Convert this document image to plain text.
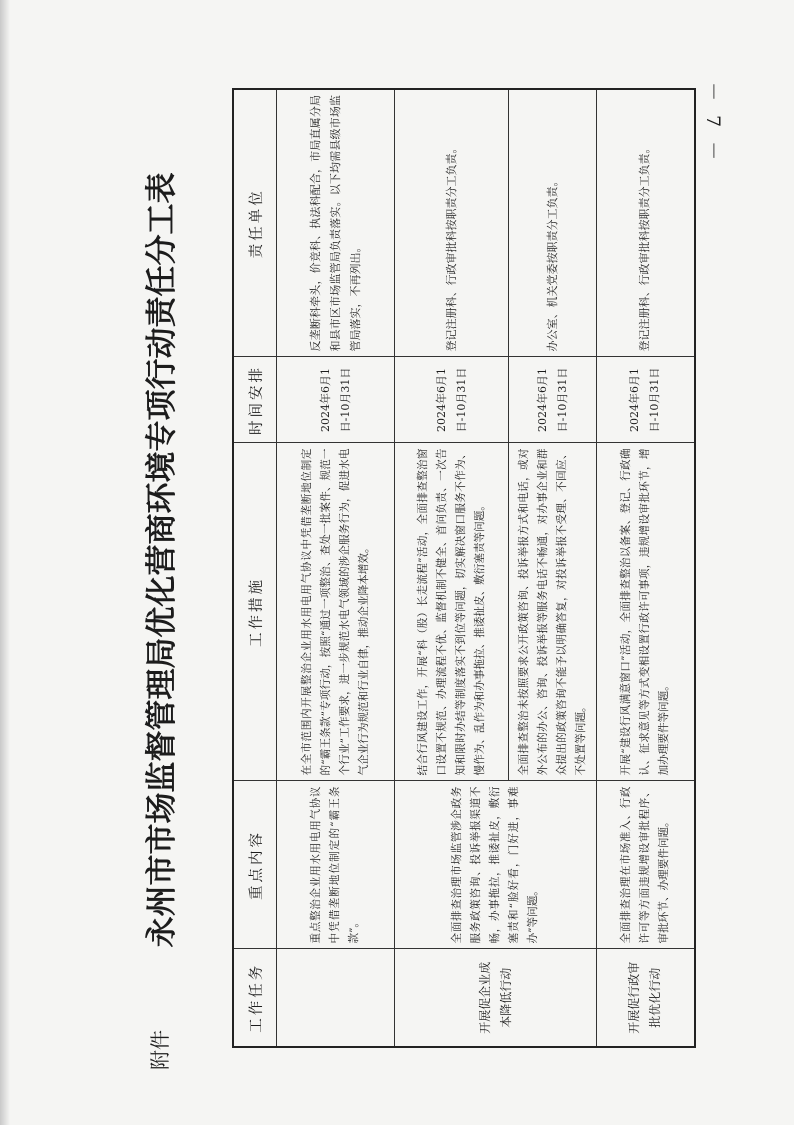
－ 7 －
附件
永州市市场监督管理局优化营商环境专项行动责任分工表
工作任务	重点内容	工作措施	时间安排	责任单位
	重点整治企业用水用电用气协议中凭借垄断地位制定的“霸王条款”。	在全市范围内开展整治企业用水用电用气协议中凭借垄断地位制定的“霸王条款”专项行动，按照“通过一项整治、查处一批案件、规范一个行业”工作要求，进一步规范水电气领域的涉企服务行为，促进水电气企业行为规范和行业自律，推动企业降本增效。	2024年6月1日-10月31日	反垄断科牵头，价竞科、执法科配合，市局直属分局和县市区市场监管局负责落实。以下均需县级市场监管局落实，不再列出。
开展促企业成本降低行动	全面排查治理市场监管涉企政务服务政策咨询、投诉举报渠道不畅，办事拖拉，推诿扯皮，敷衍塞责和“脸好看，门好进，事难办”等问题。	结合行风建设工作，开展“科（股）长走流程”活动，全面排查整治窗口设置不规范、办理流程不优、监督机制不健全、首问负责、一次告知和限时办结等制度落实不到位等问题，切实解决窗口服务不作为、慢作为、乱作为和办事拖拉、推诿扯皮、敷衍塞责等问题。	2024年6月1日-10月31日	登记注册科、行政审批科按职责分工负责。
		全面排查整治未按照要求公开政策咨询、投诉举报方式和电话，或对外公布的办公、咨询、投诉举报等服务电话不畅通，对办事企业和群众提出的政策咨询不能予以明确答复，对投诉举报不受理、不回应、不处置等问题。	2024年6月1日-10月31日	办公室、机关党委按职责分工负责。
开展促行政审批优化行动	全面排查治理在市场准入、行政许可等方面违规增设审批程序、审批环节、办理要件问题。	开展“建设行风满意窗口”活动，全面排查整治以备案、登记、行政确认、征求意见等方式变相设置行政许可事项，违规增设审批环节，增加办理要件等问题。	2024年6月1日-10月31日	登记注册科、行政审批科按职责分工负责。
